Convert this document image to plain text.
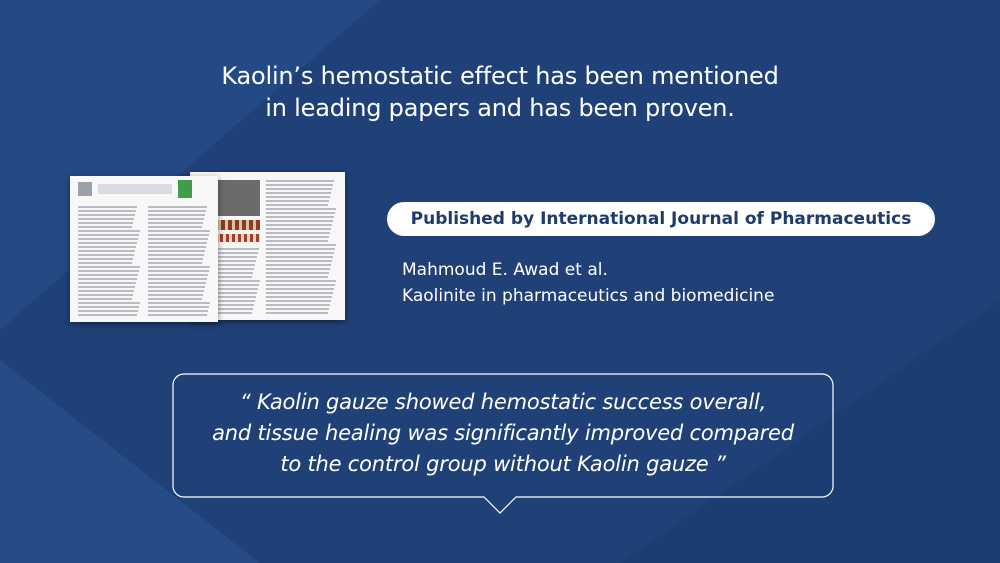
Kaolin’s hemostatic effect has been mentioned
in leading papers and has been proven.
Published by International Journal of Pharmaceutics
Mahmoud E. Awad et al.
Kaolinite in pharmaceutics and biomedicine
“ Kaolin gauze showed hemostatic success overall,
and tissue healing was significantly improved compared
to the control group without Kaolin gauze ”
